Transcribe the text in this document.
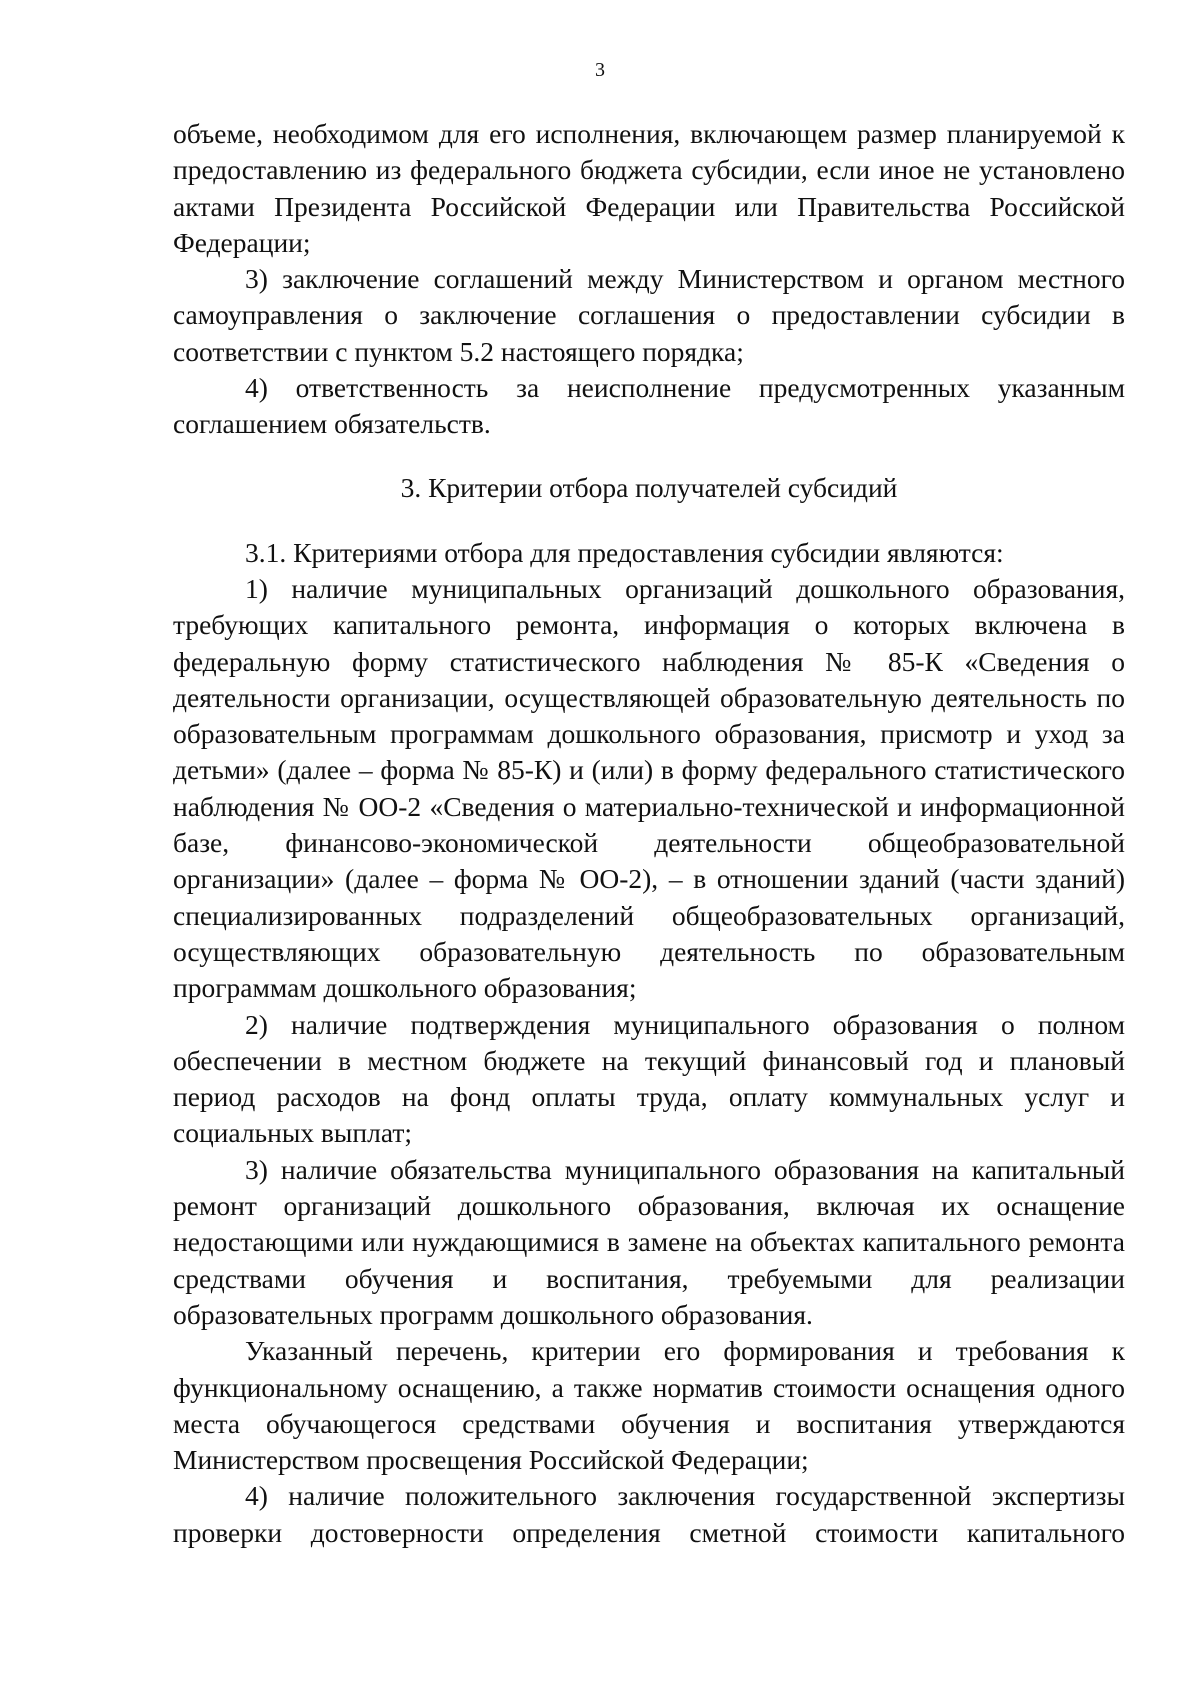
3

объеме, необходимом для его исполнения, включающем размер планируемой к предоставлению из федерального бюджета субсидии, если иное не установлено актами Президента Российской Федерации или Правительства Российской Федерации;

3) заключение соглашений между Министерством и органом местного самоуправления о заключение соглашения о предоставлении субсидии в соответствии с пунктом 5.2 настоящего порядка;

4) ответственность за неисполнение предусмотренных указанным соглашением обязательств.

3. Критерии отбора получателей субсидий

3.1. Критериями отбора для предоставления субсидии являются:

1) наличие муниципальных организаций дошкольного образования, требующих капитального ремонта, информация о которых включена в федеральную форму статистического наблюдения № 85-К «Сведения о деятельности организации, осуществляющей образовательную деятельность по образовательным программам дошкольного образования, присмотр и уход за детьми» (далее – форма № 85-К) и (или) в форму федерального статистического наблюдения № ОО-2 «Сведения о материально-технической и информационной базе, финансово-экономической деятельности общеобразовательной организации» (далее – форма № ОО-2), – в отношении зданий (части зданий) специализированных подразделений общеобразовательных организаций, осуществляющих образовательную деятельность по образовательным программам дошкольного образования;

2) наличие подтверждения муниципального образования о полном обеспечении в местном бюджете на текущий финансовый год и плановый период расходов на фонд оплаты труда, оплату коммунальных услуг и социальных выплат;

3) наличие обязательства муниципального образования на капитальный ремонт организаций дошкольного образования, включая их оснащение недостающими или нуждающимися в замене на объектах капитального ремонта средствами обучения и воспитания, требуемыми для реализации образовательных программ дошкольного образования.

Указанный перечень, критерии его формирования и требования к функциональному оснащению, а также норматив стоимости оснащения одного места обучающегося средствами обучения и воспитания утверждаются Министерством просвещения Российской Федерации;

4) наличие положительного заключения государственной экспертизы проверки достоверности определения сметной стоимости капитального
